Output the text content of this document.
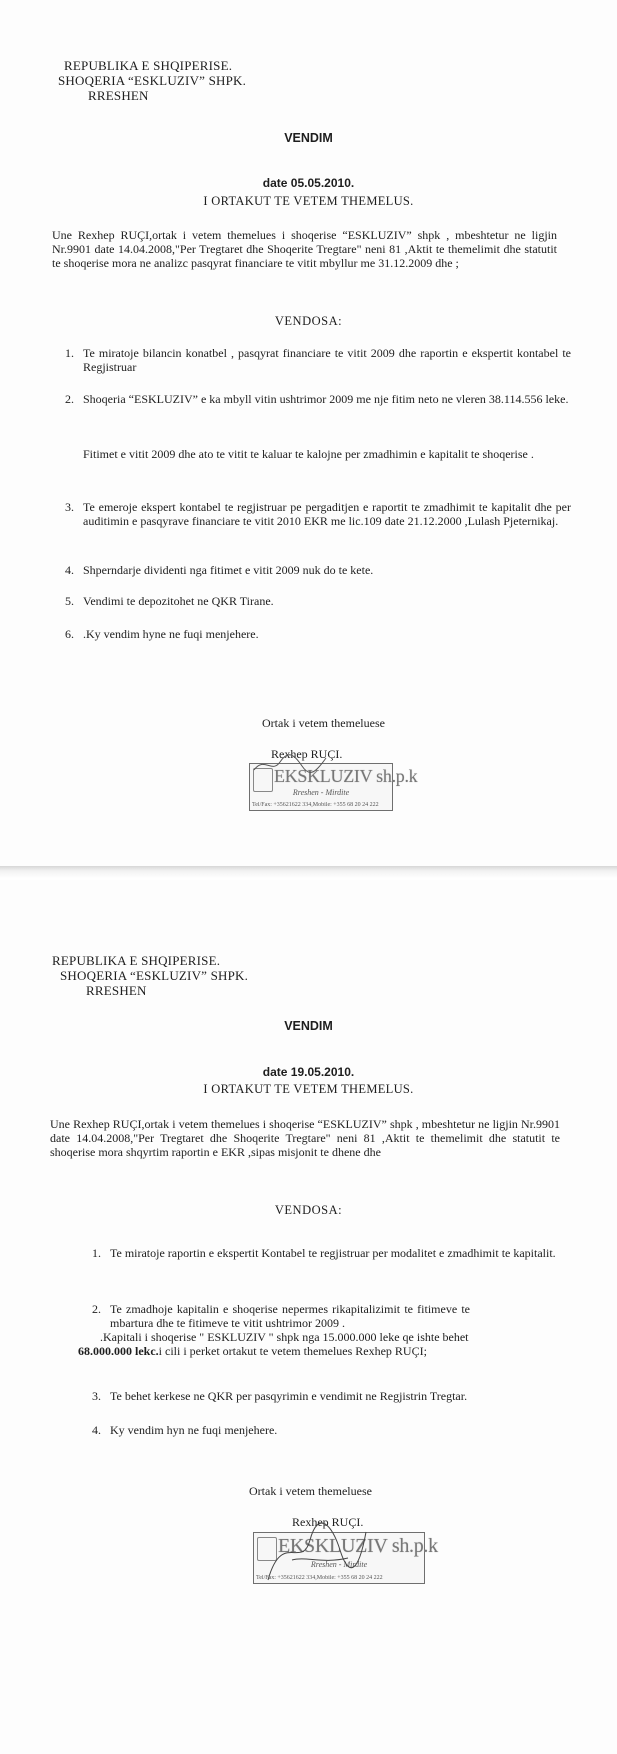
REPUBLIKA E SHQIPERISE.
SHOQERIA “ESKLUZIV” SHPK.
RRESHEN
VENDIM
date 05.05.2010.
I ORTAKUT TE VETEM THEMELUS.
Une Rexhep RUÇI,ortak i vetem themelues i shoqerise “ESKLUZIV” shpk , mbeshtetur ne ligjin Nr.9901 date 14.04.2008,"Per Tregtaret dhe Shoqerite Tregtare" neni 81 ,Aktit te themelimit dhe statutit te shoqerise mora ne analizc pasqyrat financiare te vitit mbyllur me 31.12.2009 dhe ;
VENDOSA:
1. Te miratoje bilancin konatbel , pasqyrat financiare te vitit 2009 dhe raportin e ekspertit kontabel te Regjistruar
2. Shoqeria “ESKLUZIV” e ka mbyll vitin ushtrimor 2009 me nje fitim neto ne vleren 38.114.556 leke.
Fitimet e vitit 2009 dhe ato te vitit te kaluar te kalojne per zmadhimin e kapitalit te shoqerise .
3. Te emeroje ekspert kontabel te regjistruar pe pergaditjen e raportit te zmadhimit te kapitalit dhe per auditimin e pasqyrave financiare te vitit 2010 EKR me lic.109 date 21.12.2000 ,Lulash Pjeternikaj.
4. Shperndarje dividenti nga fitimet e vitit 2009 nuk do te kete.
5. Vendimi te depozitohet ne QKR Tirane.
6. .Ky vendim hyne ne fuqi menjehere.
Ortak i vetem themeluese
Rexhep RUÇI.
EKSKLUZIV sh.p.k
Rreshen - Mirdite
Tel/Fax: +35621622 334,Mobile: +355 68 20 24 222
REPUBLIKA E SHQIPERISE.
SHOQERIA “ESKLUZIV” SHPK.
RRESHEN
VENDIM
date 19.05.2010.
I ORTAKUT TE VETEM THEMELUS.
Une Rexhep RUÇI,ortak i vetem themelues i shoqerise “ESKLUZIV” shpk , mbeshtetur ne ligjin Nr.9901 date 14.04.2008,"Per Tregtaret dhe Shoqerite Tregtare" neni 81 ,Aktit te themelimit dhe statutit te shoqerise mora shqyrtim raportin e EKR ,sipas misjonit te dhene dhe
VENDOSA:
1. Te miratoje raportin e ekspertit Kontabel te regjistruar per modalitet e zmadhimit te kapitalit.
2. Te zmadhoje kapitalin e shoqerise nepermes rikapitalizimit te fitimeve te mbartura dhe te fitimeve te vitit ushtrimor 2009 .
.Kapitali i shoqerise " ESKLUZIV " shpk nga 15.000.000 leke qe ishte behet
68.000.000 lekc.i cili i perket ortakut te vetem themelues Rexhep RUÇI;
3. Te behet kerkese ne QKR per pasqyrimin e vendimit ne Regjistrin Tregtar.
4. Ky vendim hyn ne fuqi menjehere.
Ortak i vetem themeluese
Rexhep RUÇI.
EKSKLUZIV sh.p.k
Rreshen - Mirdite
Tel/Fax: +35621622 334,Mobile: +355 68 20 24 222
